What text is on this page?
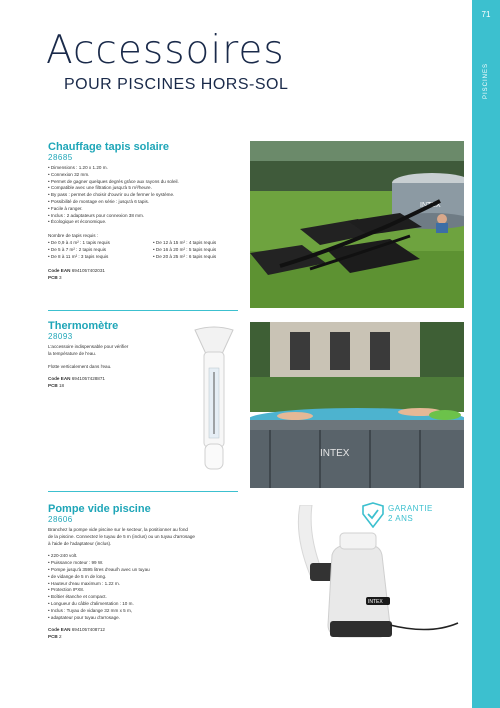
71
PISCINES
Accessoires
POUR PISCINES HORS-SOL

Chauffage tapis solaire

28685

• Dimensions : 1.20 x 1.20 m.
• Connexion 32 mm.
• Permet de gagner quelques degrés grâce aux rayons du soleil.
• Compatible avec une filtration jusqu'à 5 m³/heure.
• By pass : permet de choisir d'ouvrir ou de fermer le système.
• Possibilité de montage en série : jusqu'à 6 tapis.
• Facile à ranger.
• Inclus : 2 adaptateurs pour connexion 38 mm.
• Écologique et économique.

Nombre de tapis requis :

• De 0,9 à 4 m² : 1 tapis requis
• De 5 à 7 m² : 2 tapis requis
• De 8 à 11 m² : 3 tapis requis
• De 12 à 15 m² : 4 tapis requis
• De 16 à 20 m² : 5 tapis requis
• De 20 à 25 m² : 6 tapis requis

Code EAN 6941057402031

PCB 3

INTEX

Thermomètre

28093

L'accessoire indispensable pour vérifier

la température de l'eau.

Flotte verticalement dans l'eau.

Code EAN 6941057428871

PCB 18

INTEX

Pompe vide piscine

28606

Branchez la pompe vide piscine sur le secteur, la positionner au fond

de la piscine. Connectez le tuyau de 5 m (inclus) ou un tuyau d'arrosage

à l'aide de l'adaptateur (inclus).

• 220-240 volt.
• Puissance moteur : 99 W.
• Pompe jusqu'à 3595 litres d'eau/h avec un tuyau
• de vidange de 5 m de long.
• Hauteur d'eau maximum : 1.22 m.
• Protection IPX8.
• Boîtier étanche et compact.
• Longueur du câble d'alimentation : 10 m.
• Inclus : Tuyau de vidange 32 mm x 5 m,
• adaptateur pour tuyau d'arrosage.

Code EAN 6941057408712

PCB 2

GARANTIE
2 ANS
INTEX
